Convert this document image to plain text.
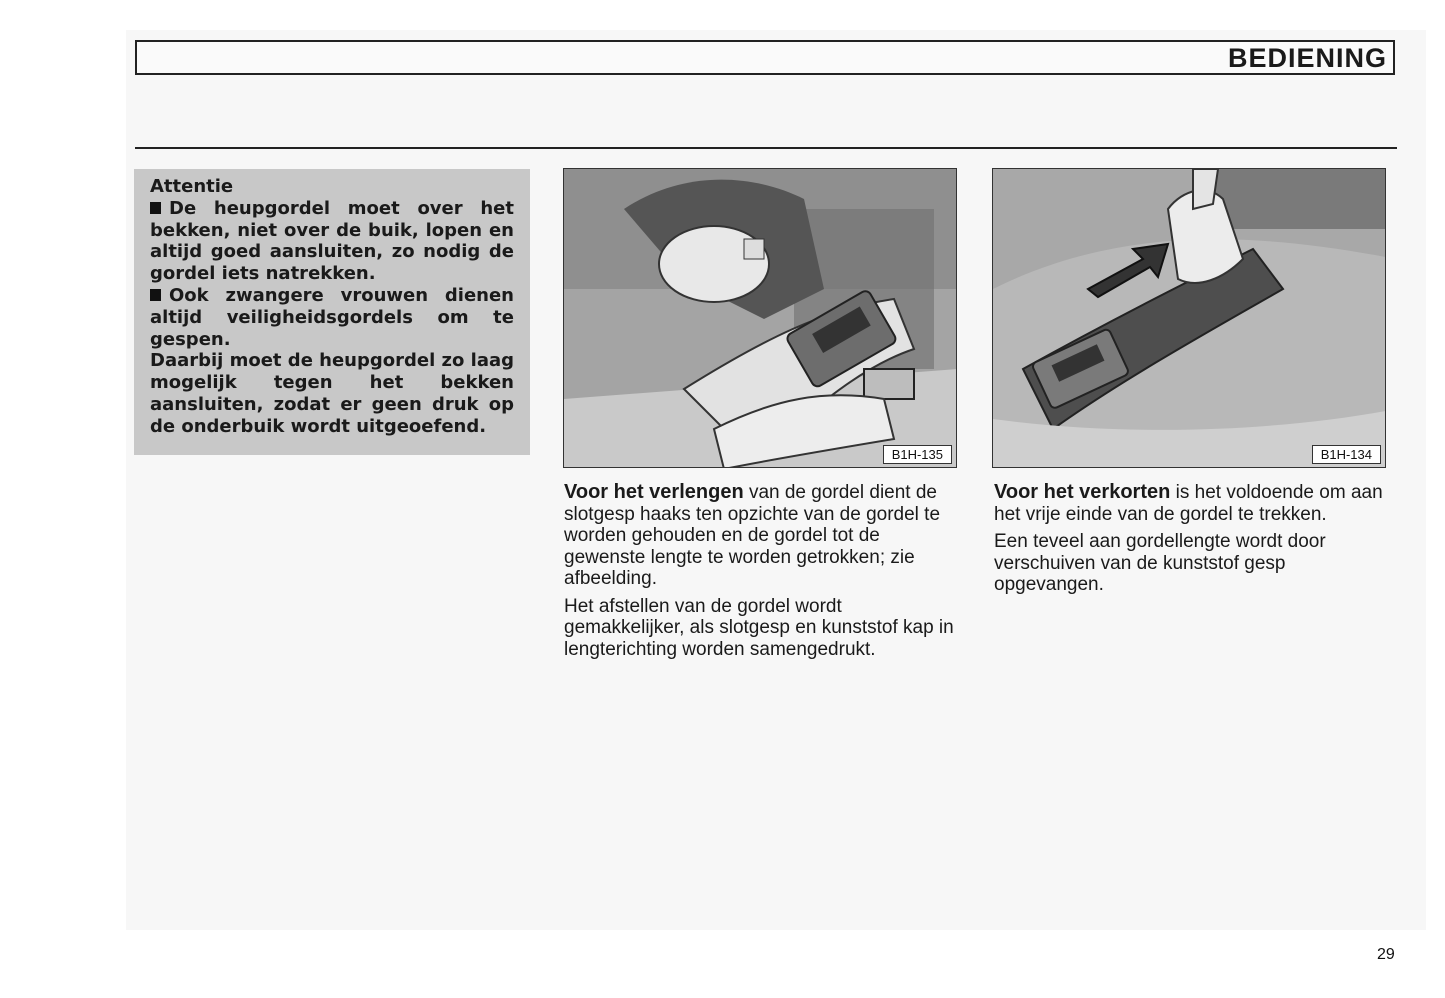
BEDIENING

Attentie

De heupgordel moet over het bekken, niet over de buik, lopen en altijd goed aansluiten, zo nodig de gordel iets natrekken.

Ook zwangere vrouwen dienen altijd veiligheidsgordels om te gespen.

Daarbij moet de heupgordel zo laag mogelijk tegen het bekken aansluiten, zodat er geen druk op de onderbuik wordt uitgeoefend.

B1H-135	B1H-134

Voor het verlengen van de gordel dient de slotgesp haaks ten opzichte van de gordel te worden gehouden en de gordel tot de gewenste lengte te worden getrokken; zie afbeelding.

Het afstellen van de gordel wordt gemakkelijker, als slotgesp en kunststof kap in lengterichting worden samengedrukt.

Voor het verkorten is het voldoende om aan het vrije einde van de gordel te trekken.

Een teveel aan gordellengte wordt door verschuiven van de kunststof gesp opgevangen.

29
